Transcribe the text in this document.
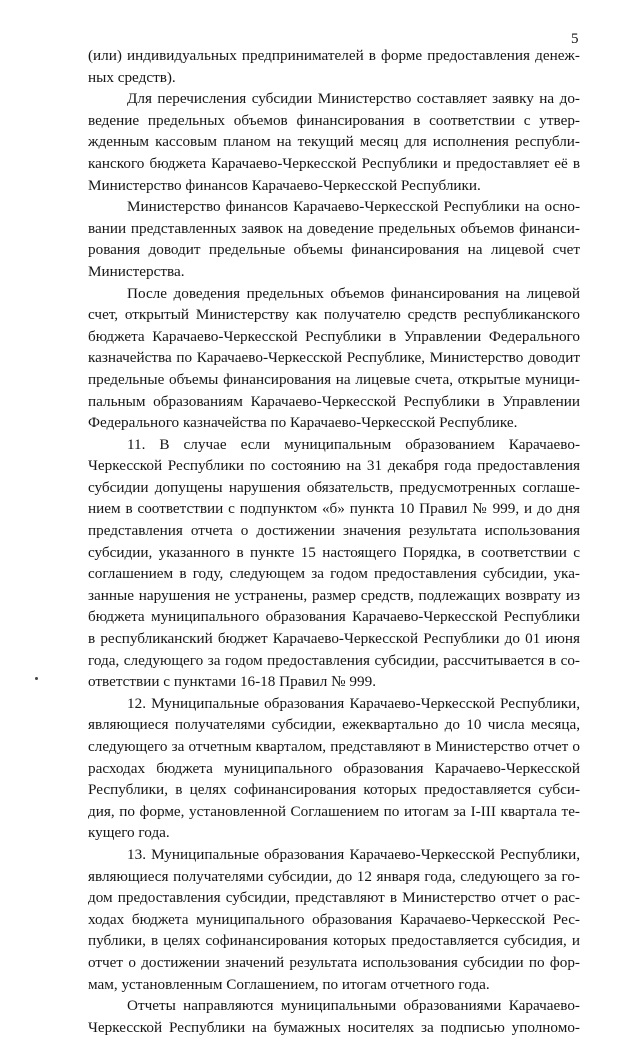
5
(или) индивидуальных предпринимателей в форме предоставления денеж-
ных средств).
Для перечисления субсидии Министерство составляет заявку на до-
ведение предельных объемов финансирования в соответствии с утвер-
жденным кассовым планом на текущий месяц для исполнения республи-
канского бюджета Карачаево-Черкесской Республики и предоставляет её в
Министерство финансов Карачаево-Черкесской Республики.
Министерство финансов Карачаево-Черкесской Республики на осно-
вании представленных заявок на доведение предельных объемов финанси-
рования доводит предельные объемы финансирования на лицевой счет
Министерства.
После доведения предельных объемов финансирования на лицевой
счет, открытый Министерству как получателю средств республиканского
бюджета Карачаево-Черкесской Республики в Управлении Федерального
казначейства по Карачаево-Черкесской Республике, Министерство доводит
предельные объемы финансирования на лицевые счета, открытые муници-
пальным образованиям Карачаево-Черкесской Республики в Управлении
Федерального казначейства по Карачаево-Черкесской Республике.
11. В случае если муниципальным образованием Карачаево-
Черкесской Республики по состоянию на 31 декабря года предоставления
субсидии допущены нарушения обязательств, предусмотренных соглаше-
нием в соответствии с подпунктом «б» пункта 10 Правил № 999, и до дня
представления отчета о достижении значения результата использования
субсидии, указанного в пункте 15 настоящего Порядка, в соответствии с
соглашением в году, следующем за годом предоставления субсидии, ука-
занные нарушения не устранены, размер средств, подлежащих возврату из
бюджета муниципального образования Карачаево-Черкесской Республики
в республиканский бюджет Карачаево-Черкесской Республики до 01 июня
года, следующего за годом предоставления субсидии, рассчитывается в со-
ответствии с пунктами 16-18 Правил № 999.
12. Муниципальные образования Карачаево-Черкесской Республики,
являющиеся получателями субсидии, ежеквартально до 10 числа месяца,
следующего за отчетным кварталом, представляют в Министерство отчет о
расходах бюджета муниципального образования Карачаево-Черкесской
Республики, в целях софинансирования которых предоставляется субси-
дия, по форме, установленной Соглашением по итогам за I-III квартала те-
кущего года.
13. Муниципальные образования Карачаево-Черкесской Республики,
являющиеся получателями субсидии, до 12 января года, следующего за го-
дом предоставления субсидии, представляют в Министерство отчет о рас-
ходах бюджета муниципального образования Карачаево-Черкесской Рес-
публики, в целях софинансирования которых предоставляется субсидия, и
отчет о достижении значений результата использования субсидии по фор-
мам, установленным Соглашением, по итогам отчетного года.
Отчеты направляются муниципальными образованиями Карачаево-
Черкесской Республики на бумажных носителях за подписью уполномо-
